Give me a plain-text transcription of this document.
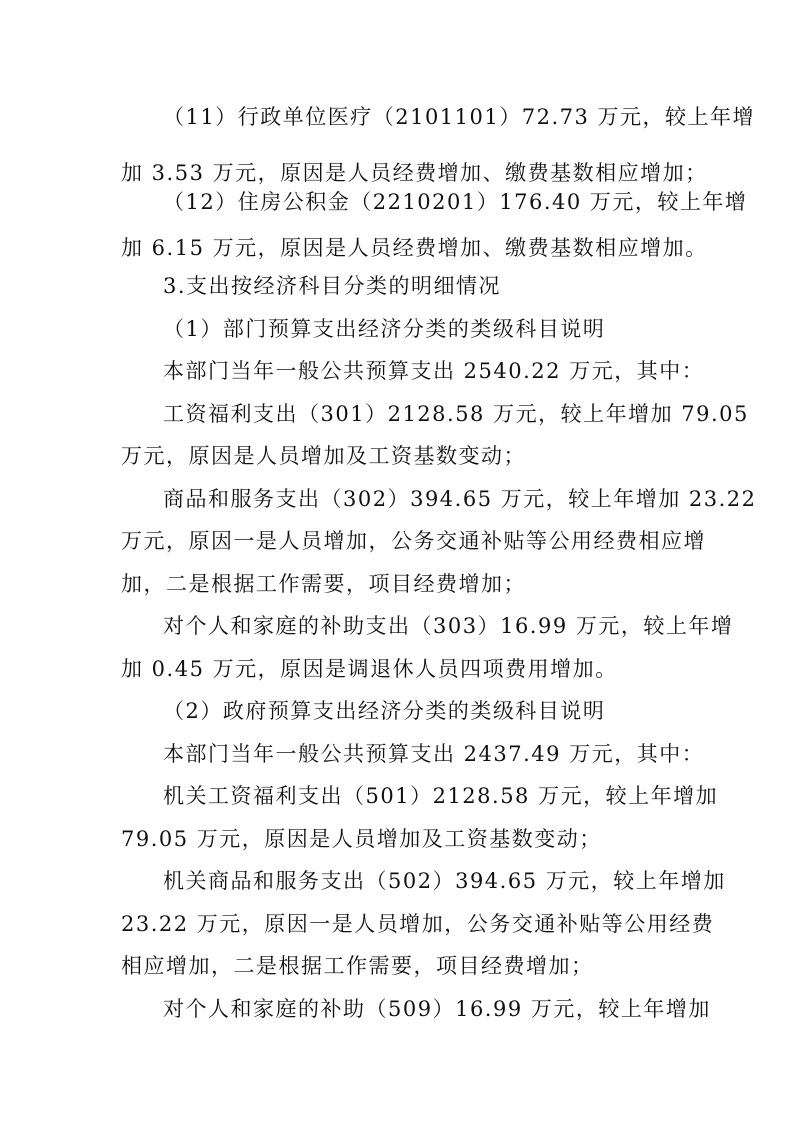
（11）行政单位医疗（2101101）72.73 万元，较上年增
加 3.53 万元，原因是人员经费增加、缴费基数相应增加；
（12）住房公积金（2210201）176.40 万元，较上年增
加 6.15 万元，原因是人员经费增加、缴费基数相应增加。
3.支出按经济科目分类的明细情况
（1）部门预算支出经济分类的类级科目说明
本部门当年一般公共预算支出 2540.22 万元，其中：
工资福利支出（301）2128.58 万元，较上年增加 79.05
万元，原因是人员增加及工资基数变动；
商品和服务支出（302）394.65 万元，较上年增加 23.22
万元，原因一是人员增加，公务交通补贴等公用经费相应增
加，二是根据工作需要，项目经费增加；
对个人和家庭的补助支出（303）16.99 万元，较上年增
加 0.45 万元，原因是调退休人员四项费用增加。
（2）政府预算支出经济分类的类级科目说明
本部门当年一般公共预算支出 2437.49 万元，其中：
机关工资福利支出（501）2128.58 万元，较上年增加
79.05 万元，原因是人员增加及工资基数变动；
机关商品和服务支出（502）394.65 万元，较上年增加
23.22 万元，原因一是人员增加，公务交通补贴等公用经费
相应增加，二是根据工作需要，项目经费增加；
对个人和家庭的补助（509）16.99 万元，较上年增加
